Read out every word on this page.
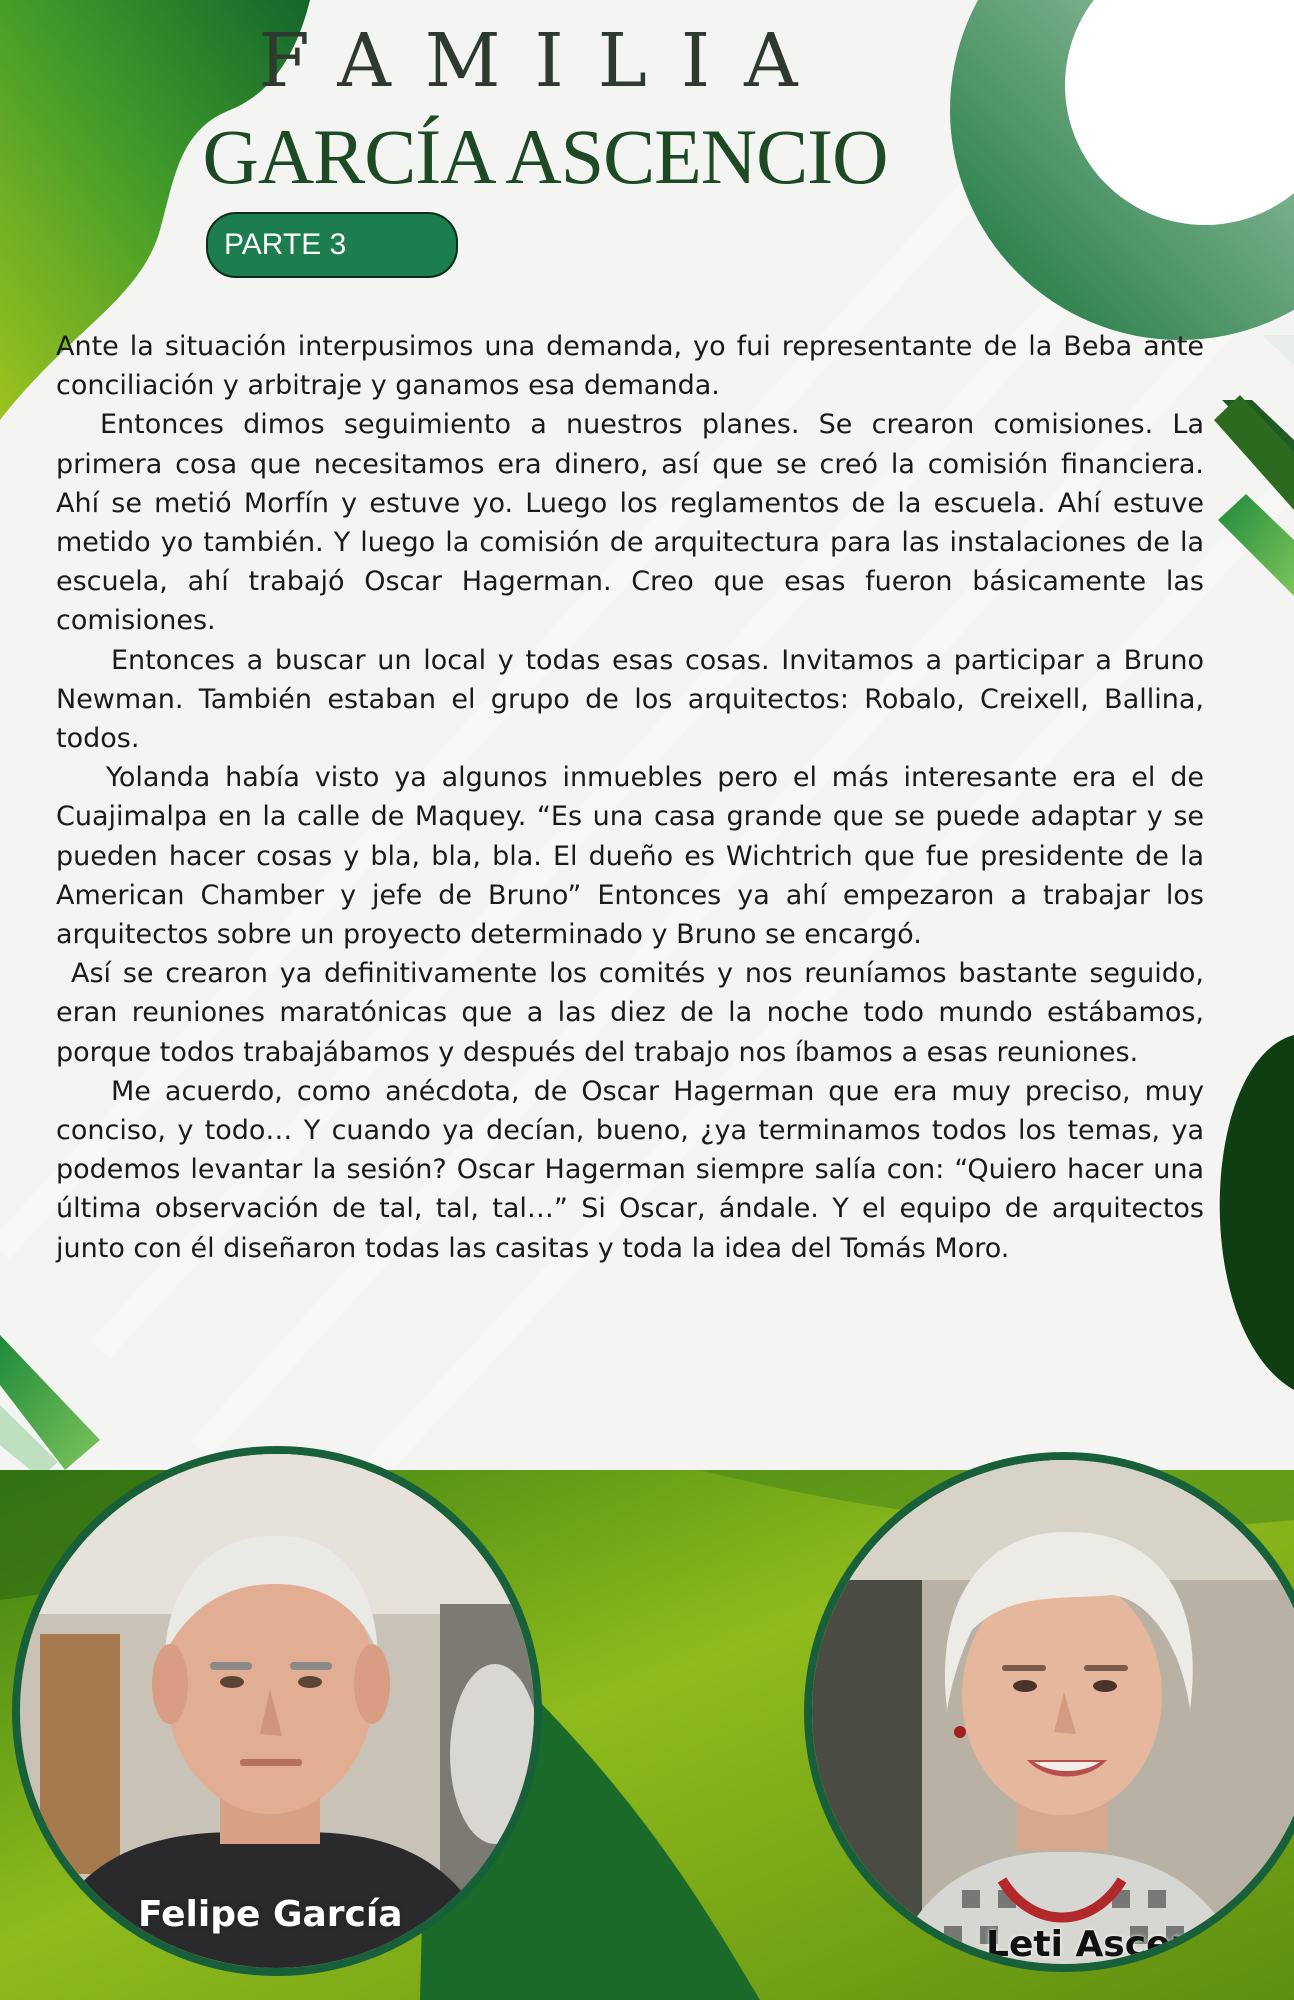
FAMILIA
GARCÍA ASCENCIO
PARTE 3

Ante la situación interpusimos una demanda, yo fui representante de la Beba ante conciliación y arbitraje y ganamos esa demanda.

Entonces dimos seguimiento a nuestros planes. Se crearon comisiones. La primera cosa que necesitamos era dinero, así que se creó la comisión financiera. Ahí se metió Morfín y estuve yo. Luego los reglamentos de la escuela. Ahí estuve metido yo también. Y luego la comisión de arquitectura para las instalaciones de la escuela, ahí trabajó Oscar Hagerman. Creo que esas fueron básicamente las comisiones.

Entonces a buscar un local y todas esas cosas. Invitamos a participar a Bruno Newman. También estaban el grupo de los arquitectos: Robalo, Creixell, Ballina, todos.

Yolanda había visto ya algunos inmuebles pero el más interesante era el de Cuajimalpa en la calle de Maquey. “Es una casa grande que se puede adaptar y se pueden hacer cosas y bla, bla, bla. El dueño es Wichtrich que fue presidente de la American Chamber y jefe de Bruno” Entonces ya ahí empezaron a trabajar los arquitectos sobre un proyecto determinado y Bruno se encargó.

Así se crearon ya definitivamente los comités y nos reuníamos bastante seguido, eran reuniones maratónicas que a las diez de la noche todo mundo estábamos, porque todos trabajábamos y después del trabajo nos íbamos a esas reuniones.

Me acuerdo, como anécdota, de Oscar Hagerman que era muy preciso, muy conciso, y todo… Y cuando ya decían, bueno, ¿ya terminamos todos los temas, ya podemos levantar la sesión? Oscar Hagerman siempre salía con: “Quiero hacer una última observación de tal, tal, tal…” Si Oscar, ándale. Y el equipo de arquitectos junto con él diseñaron todas las casitas y toda la idea del Tomás Moro.

Felipe García
Leti Ascencio
